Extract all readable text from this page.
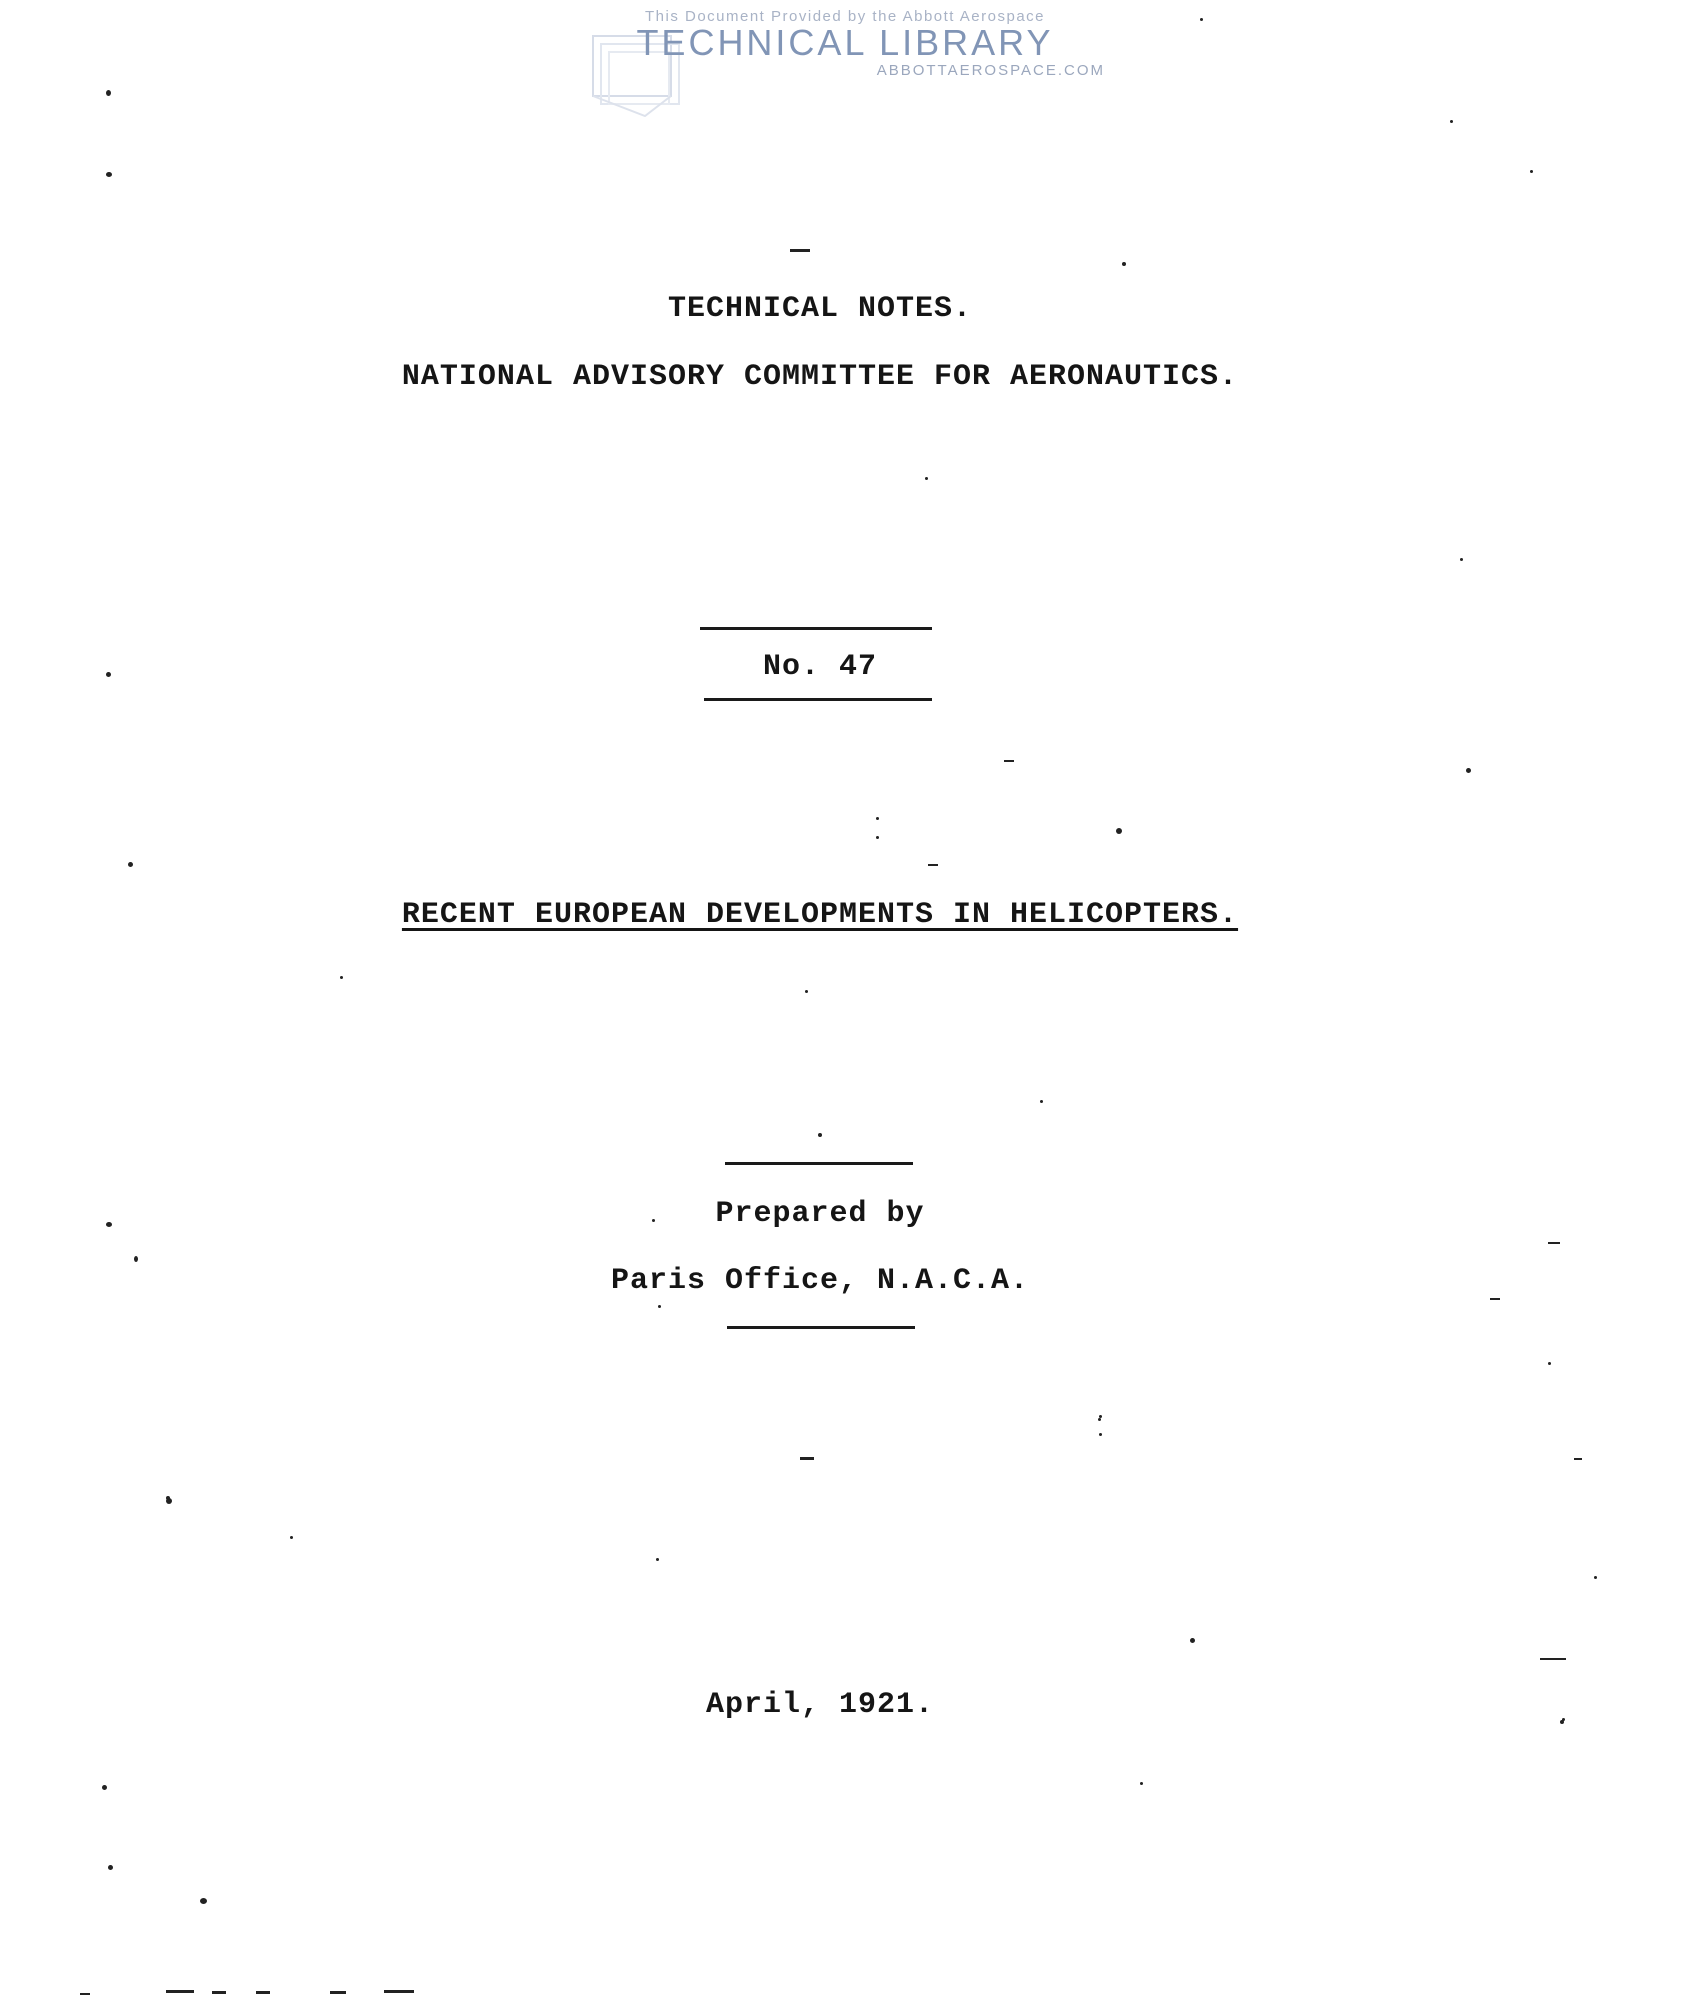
This Document Provided by the Abbott Aerospace
TECHNICAL LIBRARY
ABBOTTAEROSPACE.COM
TECHNICAL NOTES.
NATIONAL ADVISORY COMMITTEE FOR AERONAUTICS.
No. 47
RECENT EUROPEAN DEVELOPMENTS IN HELICOPTERS.
Prepared by
Paris Office, N.A.C.A.
April, 1921.
